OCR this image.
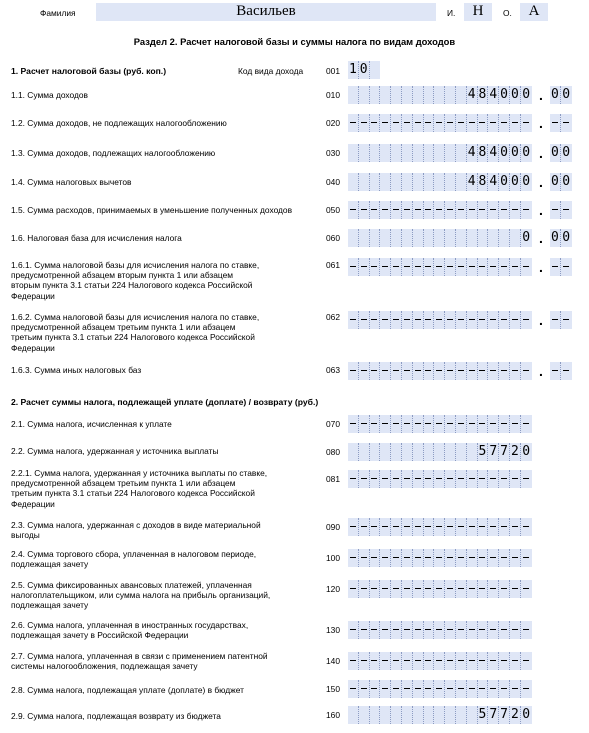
Фамилия	Васильев	И.	Н	О.	А
Раздел 2. Расчет налоговой базы и суммы налога по видам доходов
1. Расчет налоговой базы (руб. коп.)	Код вида дохода	001 1 0
2. Расчет суммы налога, подлежащей уплате (доплате) / возврату (руб.)
1.1. Сумма доходов	010	4 8 4 0 0 0 . 0 0
1.2. Сумма доходов, не подлежащих налогообложению	020	.
1.3. Сумма доходов, подлежащих налогообложению	030	4 8 4 0 0 0 . 0 0
1.4. Сумма налоговых вычетов	040	4 8 4 0 0 0 . 0 0
1.5. Сумма расходов, принимаемых в уменьшение полученных доходов	050	.
1.6. Налоговая база для исчисления налога	060	0 . 0 0
1.6.1. Сумма налоговой базы для исчисления налога по ставке,
предусмотренной абзацем вторым пункта 1 или абзацем
вторым пункта 3.1 статьи 224 Налогового кодекса Российской
Федерации
061	.
1.6.2. Сумма налоговой базы для исчисления налога по ставке,
предусмотренной абзацем третьим пункта 1 или абзацем
третьим пункта 3.1 статьи 224 Налогового кодекса Российской
Федерации
062	.
1.6.3. Сумма иных налоговых баз	063	.
2.1. Сумма налога, исчисленная к уплате	070
2.2. Сумма налога, удержанная у источника выплаты	080	5 7 7 2 0
2.2.1. Сумма налога, удержанная у источника выплаты по ставке,
предусмотренной абзацем третьим пункта 1 или абзацем
третьим пункта 3.1 статьи 224 Налогового кодекса Российской
Федерации
081
2.3. Сумма налога, удержанная с доходов в виде материальной
выгоды
090
2.4. Сумма торгового сбора, уплаченная в налоговом периоде,
подлежащая зачету
100
2.5. Сумма фиксированных авансовых платежей, уплаченная
налогоплательщиком, или сумма налога на прибыль организаций,
подлежащая зачету
120
2.6. Сумма налога, уплаченная в иностранных государствах,
подлежащая зачету в Российской Федерации
130
2.7. Сумма налога, уплаченная в связи с применением патентной
системы налогообложения, подлежащая зачету
140
2.8. Сумма налога, подлежащая уплате (доплате) в бюджет	150
2.9. Сумма налога, подлежащая возврату из бюджета	160	5 7 7 2 0
